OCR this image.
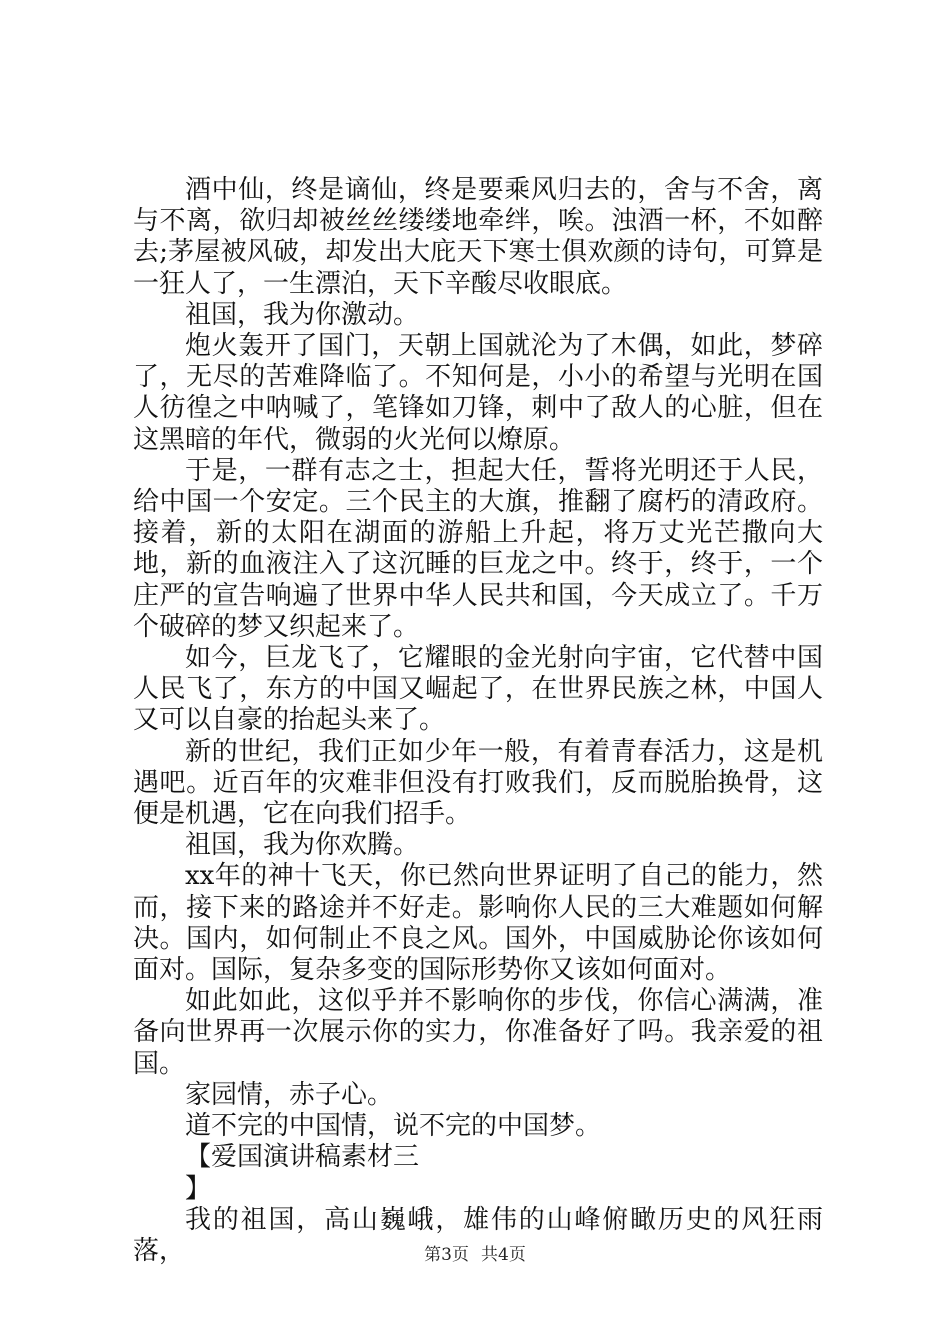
酒中仙，终是谪仙，终是要乘风归去的，舍与不舍，离与不离，欲归却被丝丝缕缕地牵绊，唉。浊酒一杯，不如醉去;茅屋被风破，却发出大庇天下寒士俱欢颜的诗句，可算是一狂人了，一生漂泊，天下辛酸尽收眼底。

祖国，我为你激动。

炮火轰开了国门，天朝上国就沦为了木偶，如此，梦碎了，无尽的苦难降临了。不知何是，小小的希望与光明在国人彷徨之中呐喊了，笔锋如刀锋，刺中了敌人的心脏，但在这黑暗的年代，微弱的火光何以燎原。

于是，一群有志之士，担起大任，誓将光明还于人民，给中国一个安定。三个民主的大旗，推翻了腐朽的清政府。接着，新的太阳在湖面的游船上升起，将万丈光芒撒向大地，新的血液注入了这沉睡的巨龙之中。终于，终于，一个庄严的宣告响遍了世界中华人民共和国，今天成立了。千万个破碎的梦又织起来了。

如今，巨龙飞了，它耀眼的金光射向宇宙，它代替中国人民飞了，东方的中国又崛起了，在世界民族之林，中国人又可以自豪的抬起头来了。

新的世纪，我们正如少年一般，有着青春活力，这是机遇吧。近百年的灾难非但没有打败我们，反而脱胎换骨，这便是机遇，它在向我们招手。

祖国，我为你欢腾。

xx年的神十飞天，你已然向世界证明了自己的能力，然而，接下来的路途并不好走。影响你人民的三大难题如何解决。国内，如何制止不良之风。国外，中国威胁论你该如何面对。国际，复杂多变的国际形势你又该如何面对。

如此如此，这似乎并不影响你的步伐，你信心满满，准备向世界再一次展示你的实力，你准备好了吗。我亲爱的祖国。

家园情，赤子心。

道不完的中国情，说不完的中国梦。

【爱国演讲稿素材三

】

我的祖国，高山巍峨，雄伟的山峰俯瞰历史的风狂雨落，	第3页 共4页
